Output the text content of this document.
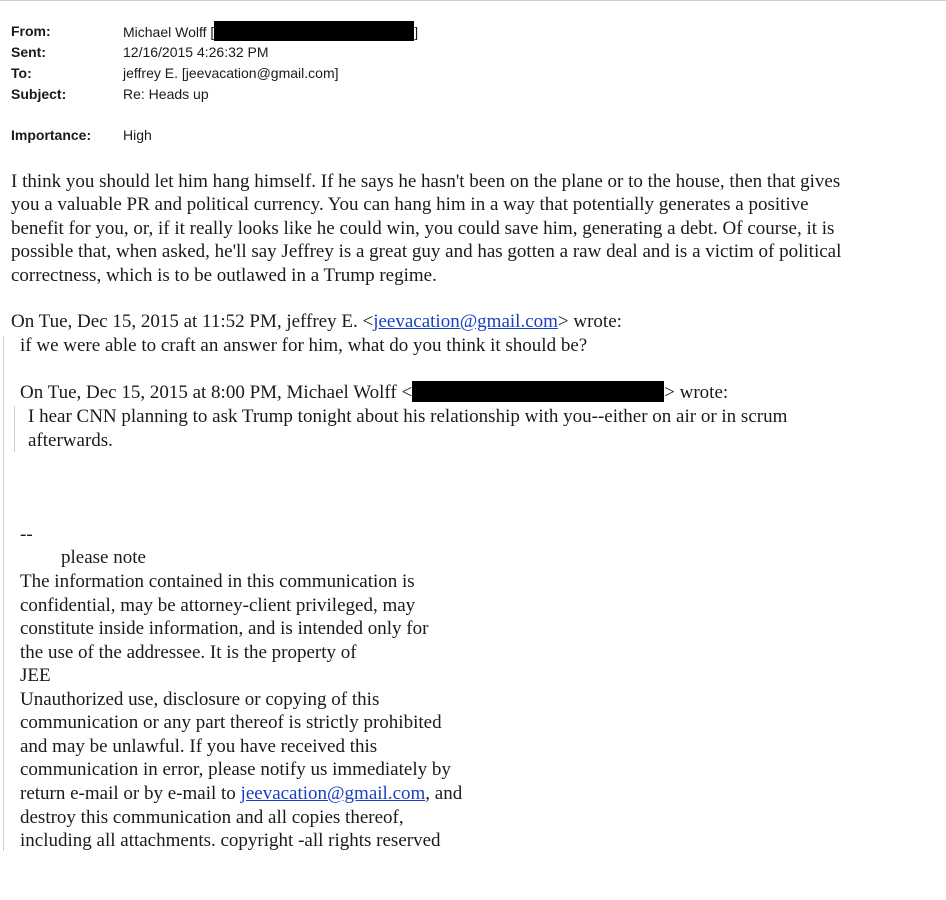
From:	Michael Wolff [	]
Sent:	12/16/2015 4:26:32 PM
To:	jeffrey E. [jeevacation@gmail.com]
Subject:	Re: Heads up
Importance: High

I think you should let him hang himself. If he says he hasn't been on the plane or to the house, then that gives

you a valuable PR and political currency. You can hang him in a way that potentially generates a positive

benefit for you, or, if it really looks like he could win, you could save him, generating a debt. Of course, it is

possible that, when asked, he'll say Jeffrey is a great guy and has gotten a raw deal and is a victim of political

correctness, which is to be outlawed in a Trump regime.

On Tue, Dec 15, 2015 at 11:52 PM, jeffrey E. <jeevacation@gmail.com> wrote:
if we were able to craft an answer for him, what do you think it should be?
On Tue, Dec 15, 2015 at 8:00 PM, Michael Wolff <	> wrote:
I hear CNN planning to ask Trump tonight about his relationship with you--either on air or in scrum
afterwards.
--
please note
The information contained in this communication is
confidential, may be attorney-client privileged, may
constitute inside information, and is intended only for
the use of the addressee. It is the property of
JEE
Unauthorized use, disclosure or copying of this
communication or any part thereof is strictly prohibited
and may be unlawful. If you have received this
communication in error, please notify us immediately by
return e-mail or by e-mail to jeevacation@gmail.com, and
destroy this communication and all copies thereof,
including all attachments. copyright -all rights reserved
